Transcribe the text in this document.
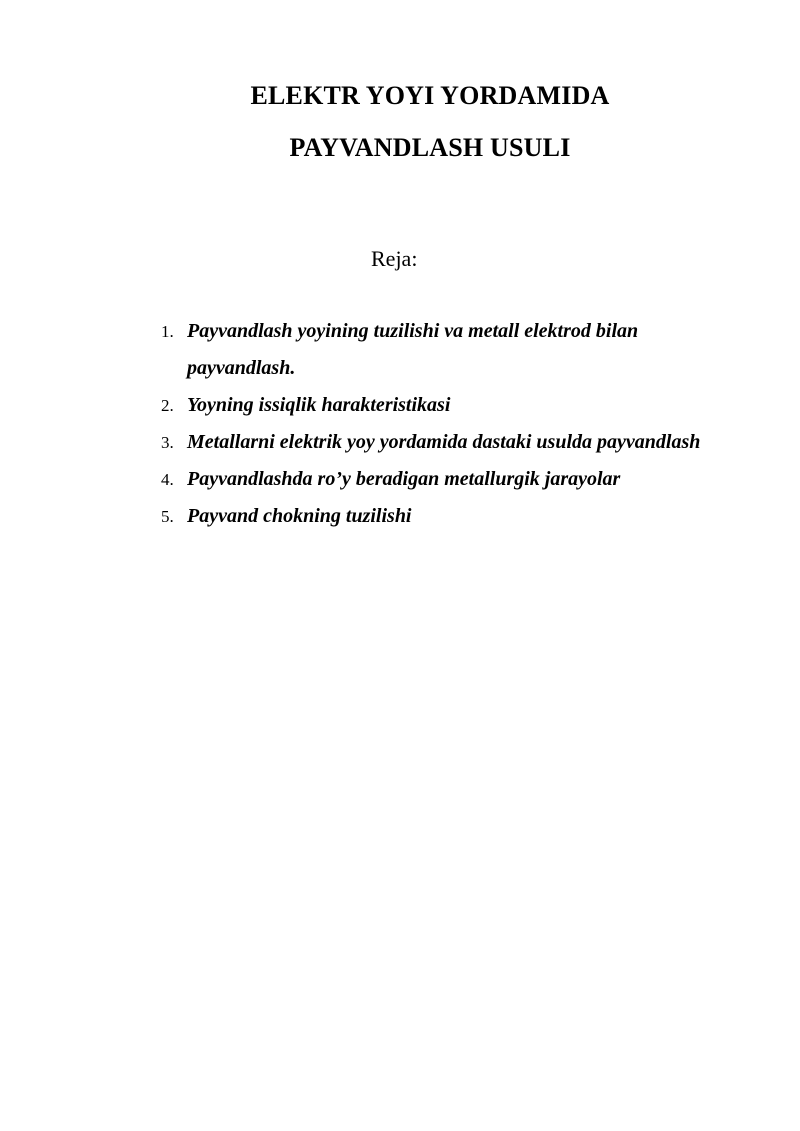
ELEKTR YOYI YORDAMIDA
PAYVANDLASH USULI
Reja:
1. Payvandlash yoyining tuzilishi va metall elektrod bilan
payvandlash.
2. Yoyning issiqlik harakteristikasi
3. Metallarni elektrik yoy yordamida dastaki usulda payvandlash
4. Payvandlashda ro’y beradigan metallurgik jarayolar
5. Payvand chokning tuzilishi
